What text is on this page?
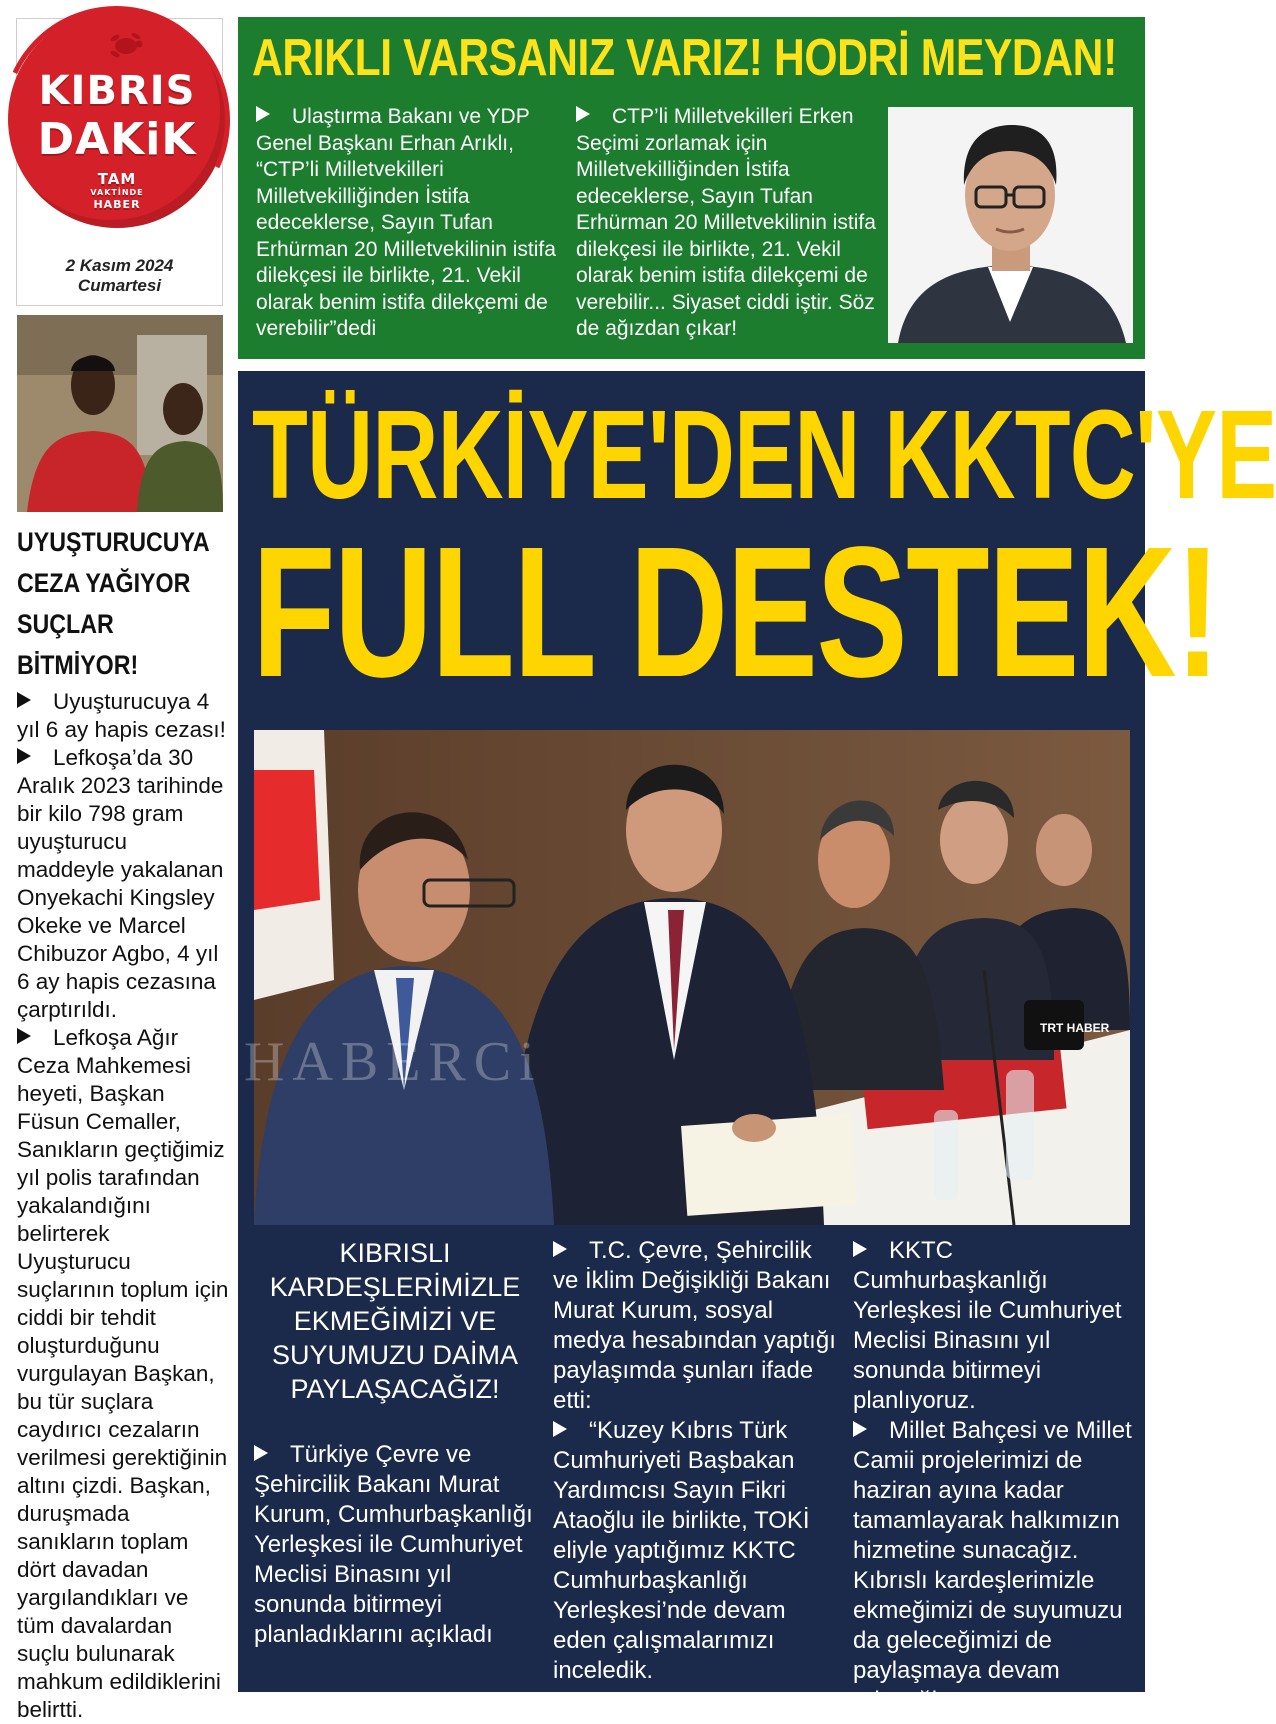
KIBRIS
DAKiK
TAM
VAKTİNDE
HABER
2 Kasım 2024
Cumartesi
ARIKLI VARSANIZ VARIZ! HODRİ MEYDAN!
Ulaştırma Bakanı ve YDP Genel Başkanı Erhan Arıklı, “CTP’li Milletvekilleri Milletvekilliğinden İstifa edeceklerse, Sayın Tufan Erhürman 20 Milletvekilinin istifa dilekçesi ile birlikte, 21. Vekil olarak benim istifa dilekçemi de verebilir”dedi
CTP’li Milletvekilleri Erken Seçimi zorlamak için Milletvekilliğinden İstifa edeceklerse, Sayın Tufan Erhürman 20 Milletvekilinin istifa dilekçesi ile birlikte, 21. Vekil olarak benim istifa dilekçemi de verebilir... Siyaset ciddi iştir. Söz de ağızdan çıkar!
UYUŞTURUCUYA CEZA YAĞIYOR SUÇLAR BİTMİYOR!
Uyuşturucuya 4 yıl 6 ay hapis cezası!
Lefkoşa’da 30 Aralık 2023 tarihinde bir kilo 798 gram uyuşturucu maddeyle yakalanan Onyekachi Kingsley Okeke ve Marcel Chibuzor Agbo, 4 yıl 6 ay hapis cezasına çarptırıldı.
Lefkoşa Ağır Ceza Mahkemesi heyeti, Başkan Füsun Cemaller, Sanıkların geçtiğimiz yıl polis tarafından yakalandığını belirterek Uyuşturucu suçlarının toplum için ciddi bir tehdit oluşturduğunu vurgulayan Başkan, bu tür suçlara caydırıcı cezaların verilmesi gerektiğinin altını çizdi. Başkan, duruşmada sanıkların toplam dört davadan yargılandıkları ve tüm davalardan suçlu bulunarak mahkum edildiklerini belirtti.
TÜRKİYE'DEN KKTC'YE
FULL DESTEK!
TRT HABER
HABERCi
KIBRISLI KARDEŞLERİMİZLE EKMEĞİMİZİ VE SUYUMUZU DAİMA PAYLAŞACAĞIZ!
Türkiye Çevre ve Şehircilik Bakanı Murat Kurum, Cumhurbaşkanlığı Yerleşkesi ile Cumhuriyet Meclisi Binasını yıl sonunda bitirmeyi planladıklarını açıkladı
T.C. Çevre, Şehircilik ve İklim Değişikliği Bakanı Murat Kurum, sosyal medya hesabından yaptığı paylaşımda şunları ifade etti:
“Kuzey Kıbrıs Türk Cumhuriyeti Başbakan Yardımcısı Sayın Fikri Ataoğlu ile birlikte, TOKİ eliyle yaptığımız KKTC Cumhurbaşkanlığı Yerleşkesi’nde devam eden çalışmalarımızı inceledik.
KKTC Cumhurbaşkanlığı Yerleşkesi ile Cumhuriyet Meclisi Binasını yıl sonunda bitirmeyi planlıyoruz.
Millet Bahçesi ve Millet Camii projelerimizi de haziran ayına kadar tamamlayarak halkımızın hizmetine sunacağız. Kıbrıslı kardeşlerimizle ekmeğimizi de suyumuzu da geleceğimizi de paylaşmaya devam edeceğiz
